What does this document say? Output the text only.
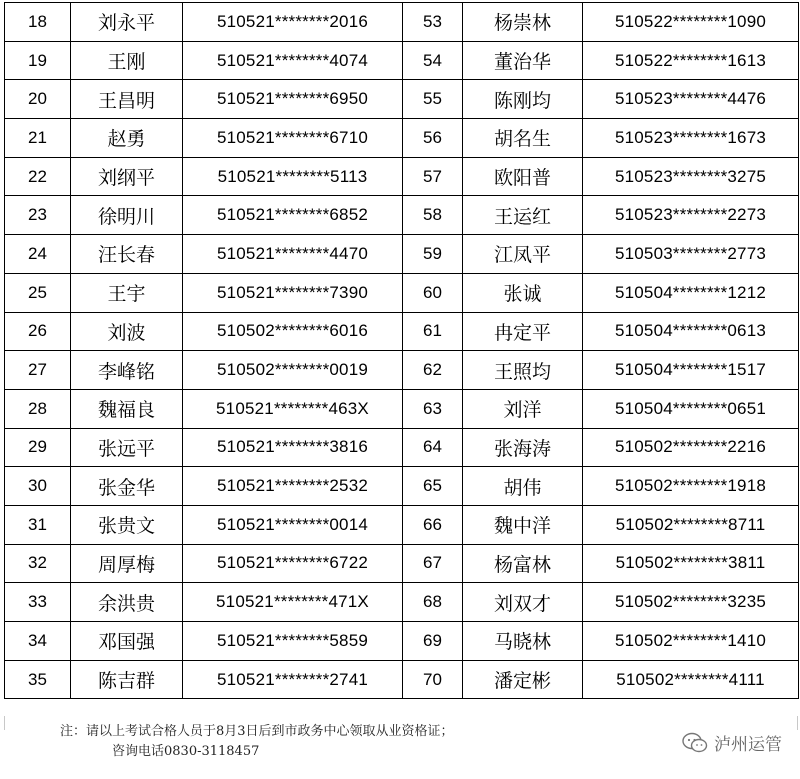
18	刘永平	510521********2016	53	杨崇林	510522********1090
19	王刚	510521********4074	54	董治华	510522********1613
20	王昌明	510521********6950	55	陈刚均	510523********4476
21	赵勇	510521********6710	56	胡名生	510523********1673
22	刘纲平	510521********5113	57	欧阳普	510523********3275
23	徐明川	510521********6852	58	王运红	510523********2273
24	汪长春	510521********4470	59	江凤平	510503********2773
25	王宇	510521********7390	60	张诚	510504********1212
26	刘波	510502********6016	61	冉定平	510504********0613
27	李峰铭	510502********0019	62	王照均	510504********1517
28	魏福良	510521********463X	63	刘洋	510504********0651
29	张远平	510521********3816	64	张海涛	510502********2216
30	张金华	510521********2532	65	胡伟	510502********1918
31	张贵文	510521********0014	66	魏中洋	510502********8711
32	周厚梅	510521********6722	67	杨富林	510502********3811
33	余洪贵	510521********471X	68	刘双才	510502********3235
34	邓国强	510521********5859	69	马晓林	510502********1410
35	陈吉群	510521********2741	70	潘定彬	510502********4111
注：请以上考试合格人员于8月3日后到市政务中心领取从业资格证；
咨询电话0830-3118457	泸州运管
